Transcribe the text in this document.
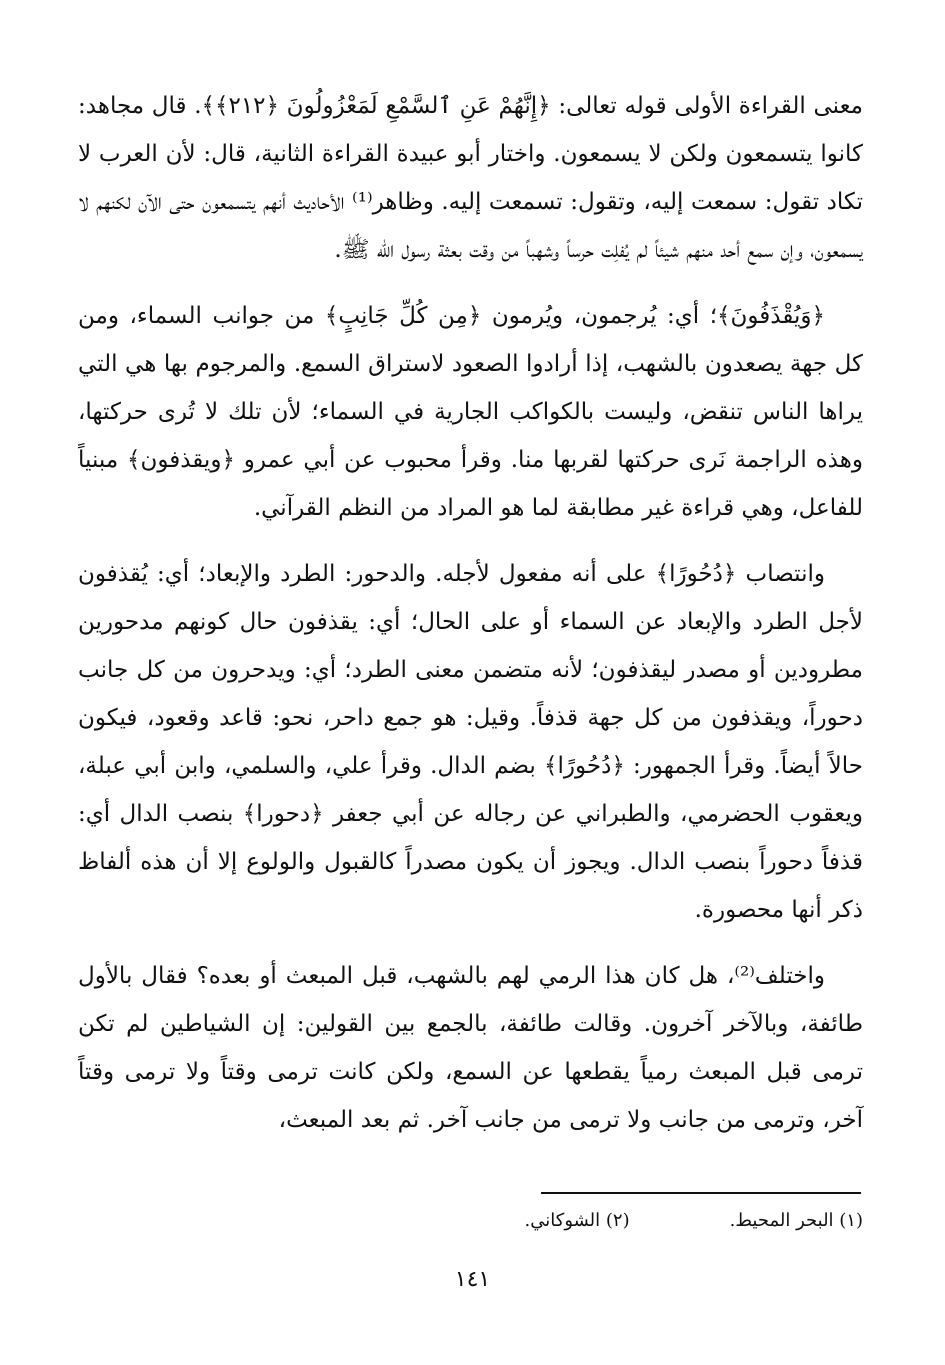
معنى القراءة الأولى قوله تعالى: ﴿إِنَّهُمْ عَنِ ٱلسَّمْعِ لَمَعْزُولُونَ ﴿٢١٢﴾﴾. قال مجاهد: كانوا يتسمعون ولكن لا يسمعون. واختار أبو عبيدة القراءة الثانية، قال: لأن العرب لا تكاد تقول: سمعت إليه، وتقول: تسمعت إليه. وظاهر⁽¹⁾ الأحاديث أنهم يتسمعون حتى الآن لكنهم لا يسمعون، وإن سمع أحد منهم شيئاً لم يُفلِت حرساً وشهباً من وقت بعثة رسول الله ﷺ.

﴿وَيُقْذَفُونَ﴾؛ أي: يُرجمون، ويُرمون ﴿مِن كُلِّ جَانِبٍ﴾ من جوانب السماء، ومن كل جهة يصعدون بالشهب، إذا أرادوا الصعود لاستراق السمع. والمرجوم بها هي التي يراها الناس تنقض، وليست بالكواكب الجارية في السماء؛ لأن تلك لا تُرى حركتها، وهذه الراجمة نَرى حركتها لقربها منا. وقرأ محبوب عن أبي عمرو ﴿ويقذفون﴾ مبنياً للفاعل، وهي قراءة غير مطابقة لما هو المراد من النظم القرآني.

وانتصاب ﴿دُحُورًا﴾ على أنه مفعول لأجله. والدحور: الطرد والإبعاد؛ أي: يُقذفون لأجل الطرد والإبعاد عن السماء أو على الحال؛ أي: يقذفون حال كونهم مدحورين مطرودين أو مصدر ليقذفون؛ لأنه متضمن معنى الطرد؛ أي: ويدحرون من كل جانب دحوراً، ويقذفون من كل جهة قذفاً. وقيل: هو جمع داحر، نحو: قاعد وقعود، فيكون حالاً أيضاً. وقرأ الجمهور: ﴿دُحُورًا﴾ بضم الدال. وقرأ علي، والسلمي، وابن أبي عبلة، ويعقوب الحضرمي، والطبراني عن رجاله عن أبي جعفر ﴿دحورا﴾ بنصب الدال أي: قذفاً دحوراً بنصب الدال. ويجوز أن يكون مصدراً كالقبول والولوع إلا أن هذه ألفاظ ذكر أنها محصورة.

واختلف⁽²⁾، هل كان هذا الرمي لهم بالشهب، قبل المبعث أو بعده؟ فقال بالأول طائفة، وبالآخر آخرون. وقالت طائفة، بالجمع بين القولين: إن الشياطين لم تكن ترمى قبل المبعث رمياً يقطعها عن السمع، ولكن كانت ترمى وقتاً ولا ترمى وقتاً آخر، وترمى من جانب ولا ترمى من جانب آخر. ثم بعد المبعث،

(١) البحر المحيط.
(٢) الشوكاني.
١٤١
